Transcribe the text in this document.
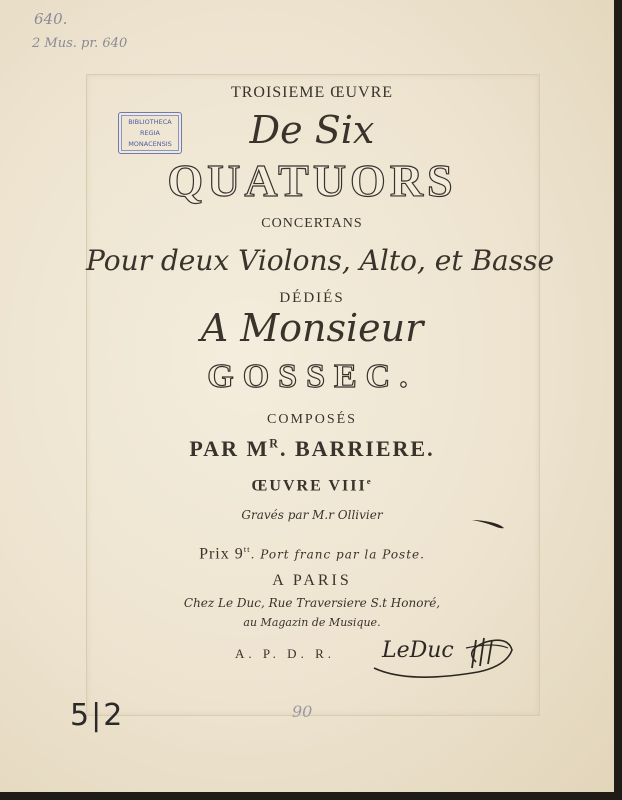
640.
2 Mus. pr. 640
BIBLIOTHECA
REGIA
MONACENSIS
TROISIEME ŒUVRE
De Six
QUATUORS
CONCERTANS
Pour deux Violons, Alto, et Basse
DÉDIÉS
A Monsieur
GOSSEC.
COMPOSÉS
PAR $M^R$. BARRIERE.
ŒUVRE VIIIe
Gravés par M.r Ollivier
Prix $9^{tt}$. Port franc par la Poste.
A PARIS
Chez Le Duc, Rue Traversiere S.t Honoré,
au Magazin de Musique.
A. P. D. R.	LeDuc
5|2	90
